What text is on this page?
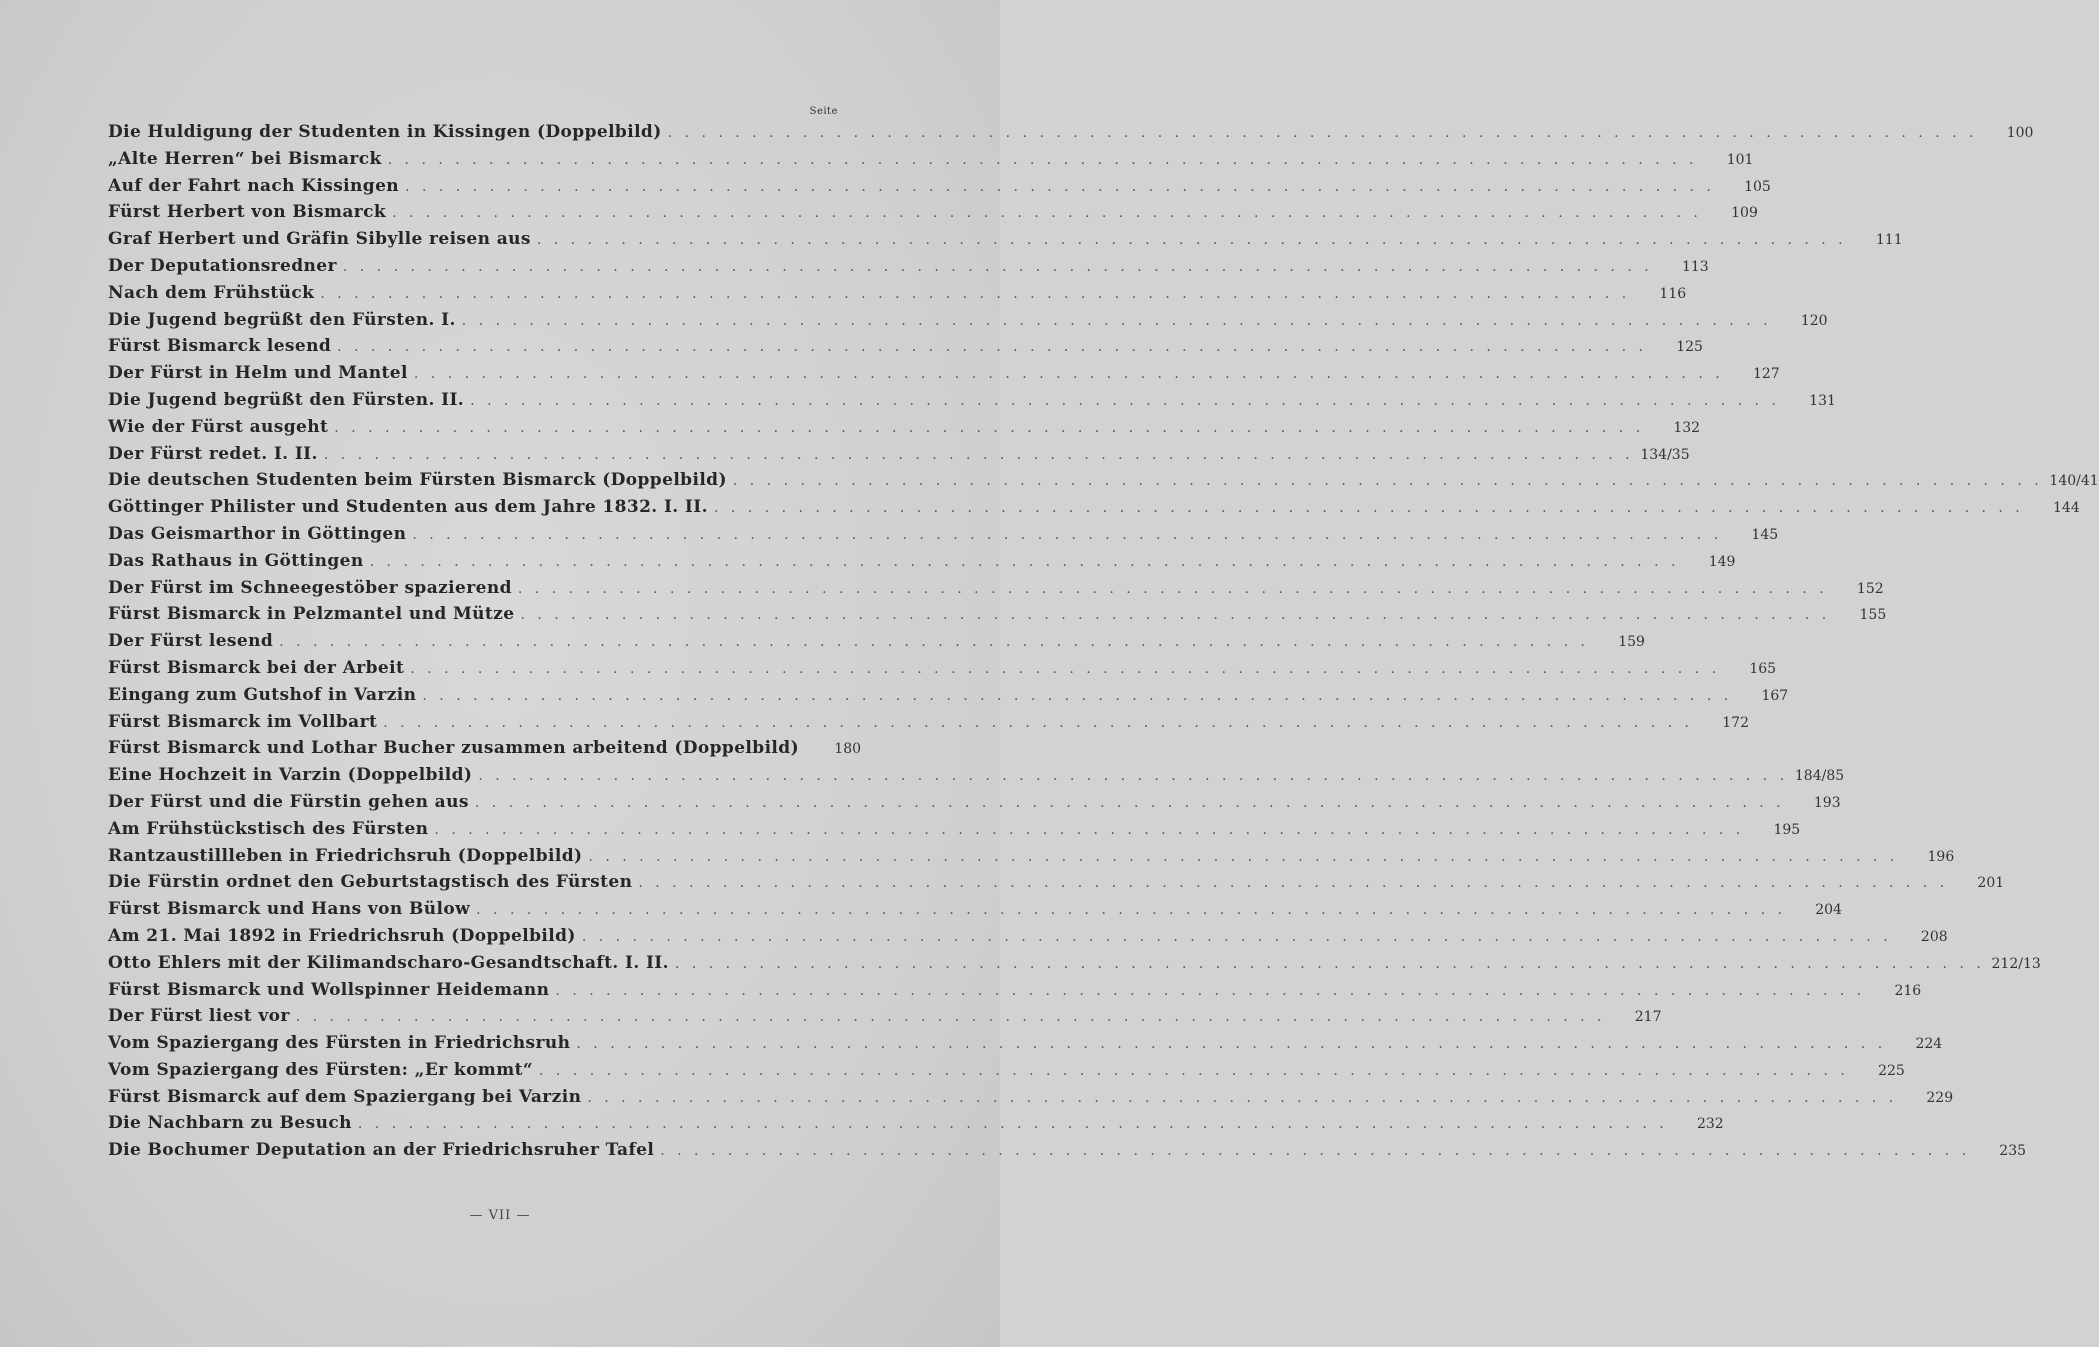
Seite
Die Huldigung der Studenten in Kissingen (Doppelbild) . . .	100
„Alte Herren“ bei Bismarck . . .	101
Auf der Fahrt nach Kissingen . . .	105
Fürst Herbert von Bismarck . . .	109
Graf Herbert und Gräfin Sibylle reisen aus . . .	111
Der Deputationsredner . . .	113
Nach dem Frühstück . . .	116
Die Jugend begrüßt den Fürsten. I. . . .	120
Fürst Bismarck lesend . . .	125
Der Fürst in Helm und Mantel . . .	127
Die Jugend begrüßt den Fürsten. II. . . .	131
Wie der Fürst ausgeht . . .	132
Der Fürst redet. I. II. . . .	134/35
Die deutschen Studenten beim Fürsten Bismarck (Doppelbild) . . .	140/41
Göttinger Philister und Studenten aus dem Jahre 1832. I. II. . . .	144
Das Geismarthor in Göttingen . . .	145
Das Rathaus in Göttingen . . .	149
Der Fürst im Schneegestöber spazierend . . .	152
Fürst Bismarck in Pelzmantel und Mütze . . .	155
Der Fürst lesend . . .	159
Fürst Bismarck bei der Arbeit . . .	165
Eingang zum Gutshof in Varzin . . .	167
Fürst Bismarck im Vollbart . . .	172
Fürst Bismarck und Lothar Bucher zusammen arbeitend (Doppelbild)	180
Eine Hochzeit in Varzin (Doppelbild) . . .	184/85
Der Fürst und die Fürstin gehen aus . . .	193
Am Frühstückstisch des Fürsten . . .	195
Rantzaustillleben in Friedrichsruh (Doppelbild) . . .	196
Die Fürstin ordnet den Geburtstagstisch des Fürsten . . .	201
Fürst Bismarck und Hans von Bülow . . .	204
Am 21. Mai 1892 in Friedrichsruh (Doppelbild) . . .	208
Otto Ehlers mit der Kilimandscharo-Gesandtschaft. I. II. . . .	212/13
Fürst Bismarck und Wollspinner Heidemann . . .	216
Der Fürst liest vor . . .	217
Vom Spaziergang des Fürsten in Friedrichsruh . . .	224
Vom Spaziergang des Fürsten: „Er kommt“ . . .	225
Fürst Bismarck auf dem Spaziergang bei Varzin . . .	229
Die Nachbarn zu Besuch . . .	232
Die Bochumer Deputation an der Friedrichsruher Tafel . . .	235
— VII —
